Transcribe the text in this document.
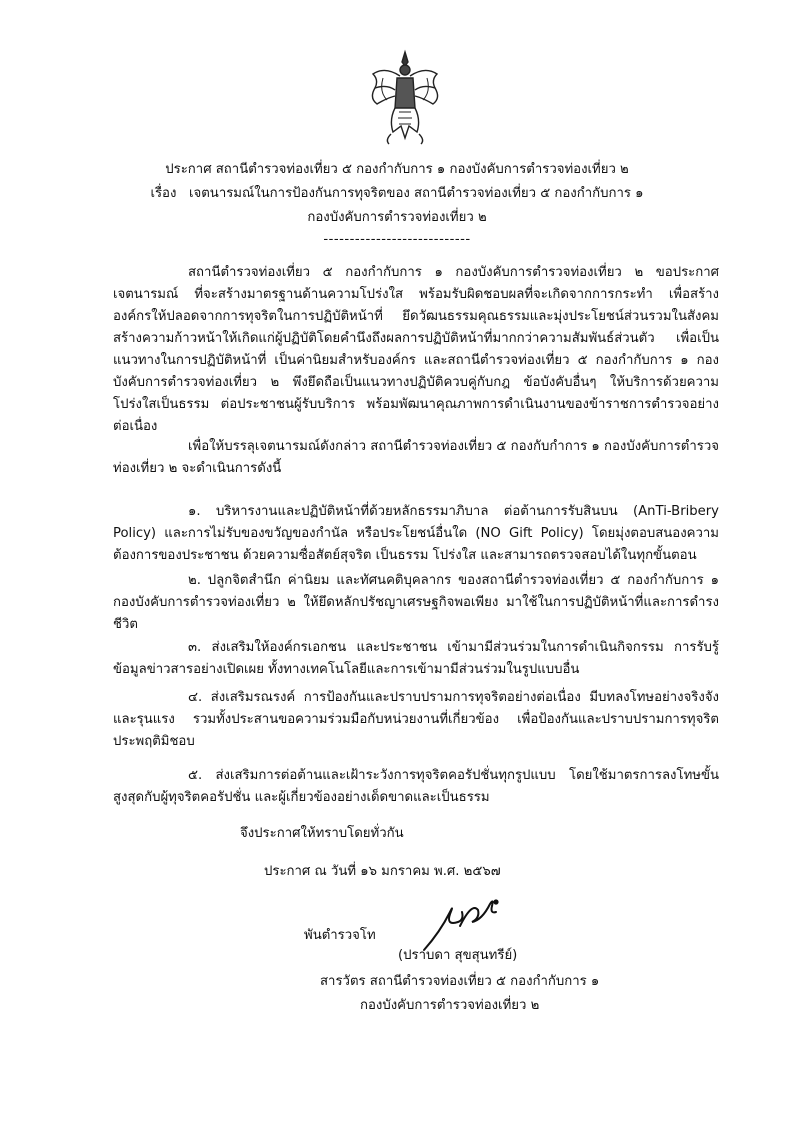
ประกาศ สถานีตำรวจท่องเที่ยว ๕ กองกำกับการ ๑ กองบังคับการตำรวจท่องเที่ยว ๒
เรื่อง เจตนารมณ์ในการป้องกันการทุจริตของ สถานีตำรวจท่องเที่ยว ๕ กองกำกับการ ๑
กองบังคับการตำรวจท่องเที่ยว ๒
----------------------------
สถานีตำรวจท่องเที่ยว ๕ กองกำกับการ ๑ กองบังคับการตำรวจท่องเที่ยว ๒ ขอประกาศเจตนารมณ์ ที่จะสร้างมาตรฐานด้านความโปร่งใส พร้อมรับผิดชอบผลที่จะเกิดจากการกระทำ เพื่อสร้างองค์กรให้ปลอดจากการทุจริตในการปฏิบัติหน้าที่ ยึดวัฒนธรรมคุณธรรมและมุ่งประโยชน์ส่วนรวมในสังคม สร้างความก้าวหน้าให้เกิดแก่ผู้ปฏิบัติโดยคำนึงถึงผลการปฏิบัติหน้าที่มากกว่าความสัมพันธ์ส่วนตัว เพื่อเป็นแนวทางในการปฏิบัติหน้าที่ เป็นค่านิยมสำหรับองค์กร และสถานีตำรวจท่องเที่ยว ๕ กองกำกับการ ๑ กองบังคับการตำรวจท่องเที่ยว ๒ พึงยึดถือเป็นแนวทางปฏิบัติควบคู่กับกฎ ข้อบังคับอื่นๆ ให้บริการด้วยความโปร่งใสเป็นธรรม ต่อประชาชนผู้รับบริการ พร้อมพัฒนาคุณภาพการดำเนินงานของข้าราชการตำรวจอย่างต่อเนื่อง
เพื่อให้บรรลุเจตนารมณ์ดังกล่าว สถานีตำรวจท่องเที่ยว ๕ กองกับกำการ ๑ กองบังคับการตำรวจท่องเที่ยว ๒ จะดำเนินการดังนี้
๑. บริหารงานและปฏิบัติหน้าที่ด้วยหลักธรรมาภิบาล ต่อต้านการรับสินบน (AnTi-Bribery Policy) และการไม่รับของขวัญของกำนัล หรือประโยชน์อื่นใด (NO Gift Policy) โดยมุ่งตอบสนองความต้องการของประชาชน ด้วยความซื่อสัตย์สุจริต เป็นธรรม โปร่งใส และสามารถตรวจสอบได้ในทุกขั้นตอน
๒. ปลูกจิตสำนึก ค่านิยม และทัศนคติบุคลากร ของสถานีตำรวจท่องเที่ยว ๕ กองกำกับการ ๑ กองบังคับการตำรวจท่องเที่ยว ๒ ให้ยึดหลักปรัชญาเศรษฐกิจพอเพียง มาใช้ในการปฏิบัติหน้าที่และการดำรงชีวิต
๓. ส่งเสริมให้องค์กรเอกชน และประชาชน เข้ามามีส่วนร่วมในการดำเนินกิจกรรม การรับรู้ข้อมูลข่าวสารอย่างเปิดเผย ทั้งทางเทคโนโลยีและการเข้ามามีส่วนร่วมในรูปแบบอื่น
๔. ส่งเสริมรณรงค์ การป้องกันและปราบปรามการทุจริตอย่างต่อเนื่อง มีบทลงโทษอย่างจริงจังและรุนแรง รวมทั้งประสานขอความร่วมมือกับหน่วยงานที่เกี่ยวข้อง เพื่อป้องกันและปราบปรามการทุจริตประพฤติมิชอบ
๕. ส่งเสริมการต่อต้านและเฝ้าระวังการทุจริตคอรัปชั่นทุกรูปแบบ โดยใช้มาตรการลงโทษขั้นสูงสุดกับผู้ทุจริตคอรัปชั่น และผู้เกี่ยวข้องอย่างเด็ดขาดและเป็นธรรม
จึงประกาศให้ทราบโดยทั่วกัน
ประกาศ ณ วันที่ ๑๖ มกราคม พ.ศ. ๒๕๖๗
พันตำรวจโท
(ปราบดา สุขสุนทรีย์)
สารวัตร สถานีตำรวจท่องเที่ยว ๕ กองกำกับการ ๑
กองบังคับการตำรวจท่องเที่ยว ๒
